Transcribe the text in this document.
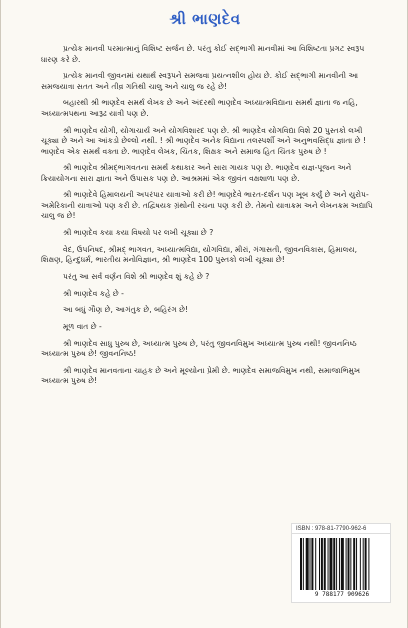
શ્રી ભાણદેવ

પ્રત્યેક માનવી પરમાત્માનું વિશિષ્ટ સર્જન છે. પરંતુ કોઈ સદ્‌ભાગી માનવીમાં આ વિશિષ્ટતા પ્રગટ સ્વરૂપ ધારણ કરે છે.

પ્રત્યેક માનવી જીવનમાં યથાર્થ સ્વરૂપને સમજવા પ્રયત્નશીલ હોય છે. કોઈ સદ્‌ભાગી માનવીની આ સમજયાત્રા સતત અને તીવ્ર ગતિથી ચાલુ અને ચાલુ જ રહે છે!

બહારથી શ્રી ભાણદેવ સમર્થ લેખક છે અને અંદરથી ભાણદેવ અધ્યાત્મવિદ્યાના સમર્થ જ્ઞાતા જ નહિ, અધ્યાત્મપથના આરૂઢ યાત્રી પણ છે.

શ્રી ભાણદેવ યોગી, યોગાચાર્ય અને યોગવિશારદ પણ છે. શ્રી ભાણદેવ યોગવિદ્યા વિશે 20 પુસ્તકો લખી ચૂક્યા છે અને આ આંકડો છેલ્લો નથી. ! શ્રી ભાણદેવ અનેક વિદ્યાના તલસ્પર્શી અને અનુભવસિદ્ધ જ્ઞાતા છે ! ભાણદેવ એક સમર્થ વક્તા છે. ભાણદેવ લેખક, ચિંતક, શિક્ષક અને સમાજ હિત ચિંતક પુરુષ છે !

શ્રી ભાણદેવ શ્રીમદ્‌ભાગવતના સમર્થ કથાકાર અને સારા ગાયક પણ છે. ભાણદેવ યજ્ઞ-પૂજન અને ક્રિયાયોગના સારા જ્ઞાતા અને ઉપાસક પણ છે. આશ્રમમાં એક જીવંત વક્ષશાળા પણ છે.

શ્રી ભાણદેવે હિમાલયની અપરંપાર યાત્રાઓ કરી છે! ભાણદેવે ભારત-દર્શન પણ ખૂબ કર્યું છે અને યુરોપ-અમેરિકાની યાત્રાઓ પણ કરી છે. તદ્વિષયક ગ્રંથોની રચના પણ કરી છે. તેમનો યાત્રાક્રમ અને લેખનક્રમ અદ્યાપિ ચાલુ જ છે!

શ્રી ભાણદેવ કયા કયા વિષયો પર લખી ચૂક્યા છે ?

વેદ, ઉપનિષદ, શ્રીમદ્ ભાગવત, અધ્યાત્મવિદ્યા, યોગવિદ્યા, મીરાં, ગંગાસતી, જીવનવિકાસ, હિમાલય, શિક્ષણ, હિન્દુધર્મ, ભારતીય મનોવિજ્ઞાન, શ્રી ભાણદેવ 100 પુસ્તકો લખી ચૂક્યા છે!

પરંતુ આ સર્વ વર્ણન વિશે શ્રી ભાણદેવ શું કહે છે ?

શ્રી ભાણદેવ કહે છે -

આ બધું ગૌણ છે, આગંતુક છે, બહિરંગ છે!

મૂળ વાત છે -

શ્રી ભાણદેવ સાધુ પુરુષ છે, અધ્યાત્મ પુરુષ છે, પરંતુ જીવનવિમુખ અધ્યાત્મ પુરુષ નથી! જીવનનિષ્ઠ અધ્યાત્મ પુરુષ છે! જીવનનિષ્ઠ!

શ્રી ભાણદેવ માનવતાના ચાહક છે અને મૂલ્યોના પ્રેમી છે. ભાણદેવ સમાજવિમુખ નથી, સમાજાભિમુખ અધ્યાત્મ પુરુષ છે!

ISBN : 978-81-7790-962-6
9 788177 909626
